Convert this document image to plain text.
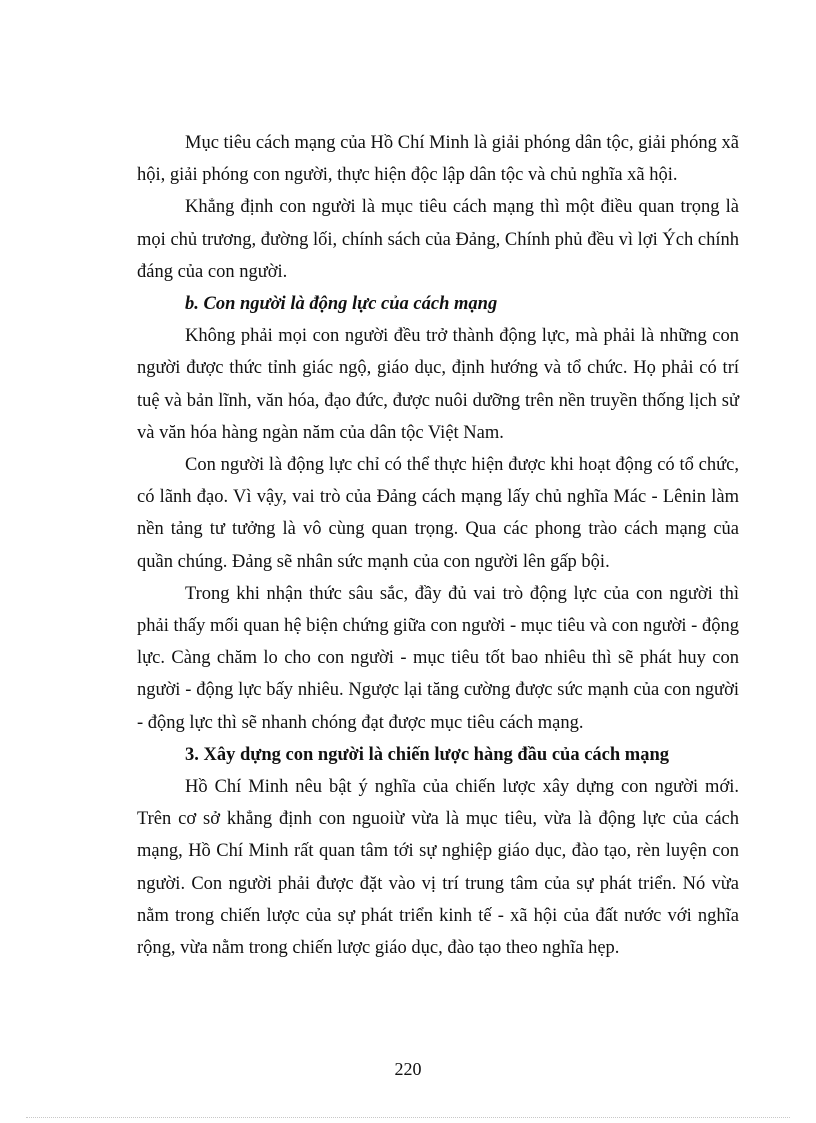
Mục tiêu cách mạng của Hồ Chí Minh là giải phóng dân tộc, giải phóng xã hội, giải phóng con người, thực hiện độc lập dân tộc và chủ nghĩa xã hội.

Khẳng định con người là mục tiêu cách mạng thì một điều quan trọng là mọi chủ trương, đường lối, chính sách của Đảng, Chính phủ đều vì lợi Ých chính đáng của con người.

b. Con người là động lực của cách mạng

Không phải mọi con người đều trở thành động lực, mà phải là những con người được thức tỉnh giác ngộ, giáo dục, định hướng và tổ chức. Họ phải có trí tuệ và bản lĩnh, văn hóa, đạo đức, được nuôi dưỡng trên nền truyền thống lịch sử và văn hóa hàng ngàn năm của dân tộc Việt Nam.

Con người là động lực chỉ có thể thực hiện được khi hoạt động có tổ chức, có lãnh đạo. Vì vậy, vai trò của Đảng cách mạng lấy chủ nghĩa Mác - Lênin làm nền tảng tư tưởng là vô cùng quan trọng. Qua các phong trào cách mạng của quần chúng. Đảng sẽ nhân sức mạnh của con người lên gấp bội.

Trong khi nhận thức sâu sắc, đầy đủ vai trò động lực của con người thì phải thấy mối quan hệ biện chứng giữa con người - mục tiêu và con người - động lực. Càng chăm lo cho con người - mục tiêu tốt bao nhiêu thì sẽ phát huy con người - động lực bấy nhiêu. Ngược lại tăng cường được sức mạnh của con người - động lực thì sẽ nhanh chóng đạt được mục tiêu cách mạng.

3. Xây dựng con người là chiến lược hàng đầu của cách mạng

Hồ Chí Minh nêu bật ý nghĩa của chiến lược xây dựng con người mới. Trên cơ sở khẳng định con nguoiừ vừa là mục tiêu, vừa là động lực của cách mạng, Hồ Chí Minh rất quan tâm tới sự nghiệp giáo dục, đào tạo, rèn luyện con người. Con người phải được đặt vào vị trí trung tâm của sự phát triển. Nó vừa nằm trong chiến lược của sự phát triển kinh tế - xã hội của đất nước với nghĩa rộng, vừa nằm trong chiến lược giáo dục, đào tạo theo nghĩa hẹp.

220
